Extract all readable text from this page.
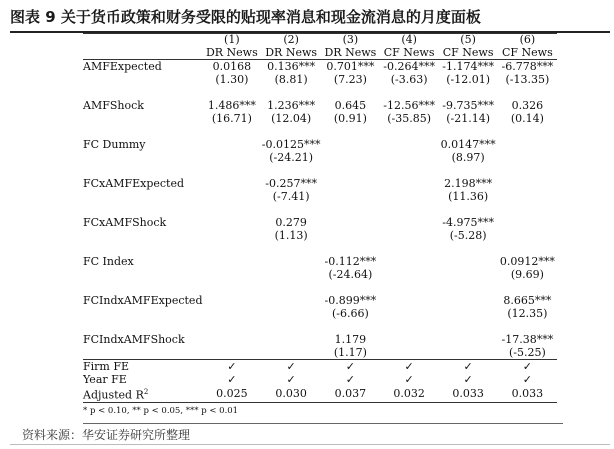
图表 9 关于货币政策和财务受限的贴现率消息和现金流消息的月度面板
	(1)	(2)	(3)	(4)	(5)	(6)
	DR News	DR News	DR News	CF News	CF News	CF News
AMFExpected	0.0168	0.136***	0.701***	-0.264***	-1.174***	-6.778***
	(1.30)	(8.81)	(7.23)	(-3.63)	(-12.01)	(-13.35)

AMFShock	1.486***	1.236***	0.645	-12.56***	-9.735***	0.326
	(16.71)	(12.04)	(0.91)	(-35.85)	(-21.14)	(0.14)

FC Dummy		-0.0125***			0.0147***	
		(-24.21)			(8.97)	

FCxAMFExpected		-0.257***			2.198***	
		(-7.41)			(11.36)	

FCxAMFShock		0.279			-4.975***	
		(1.13)			(-5.28)	

FC Index			-0.112***			0.0912***
			(-24.64)			(9.69)

FCIndxAMFExpected			-0.899***			8.665***
			(-6.66)			(12.35)

FCIndxAMFShock			1.179			-17.38***
			(1.17)			(-5.25)
Firm FE	✓	✓	✓	✓	✓	✓
Year FE	✓	✓	✓	✓	✓	✓
Adjusted $R^2$	0.025	0.030	0.037	0.032	0.033	0.033
* p < 0.10, ** p < 0.05, *** p < 0.01
资料来源：华安证券研究所整理
